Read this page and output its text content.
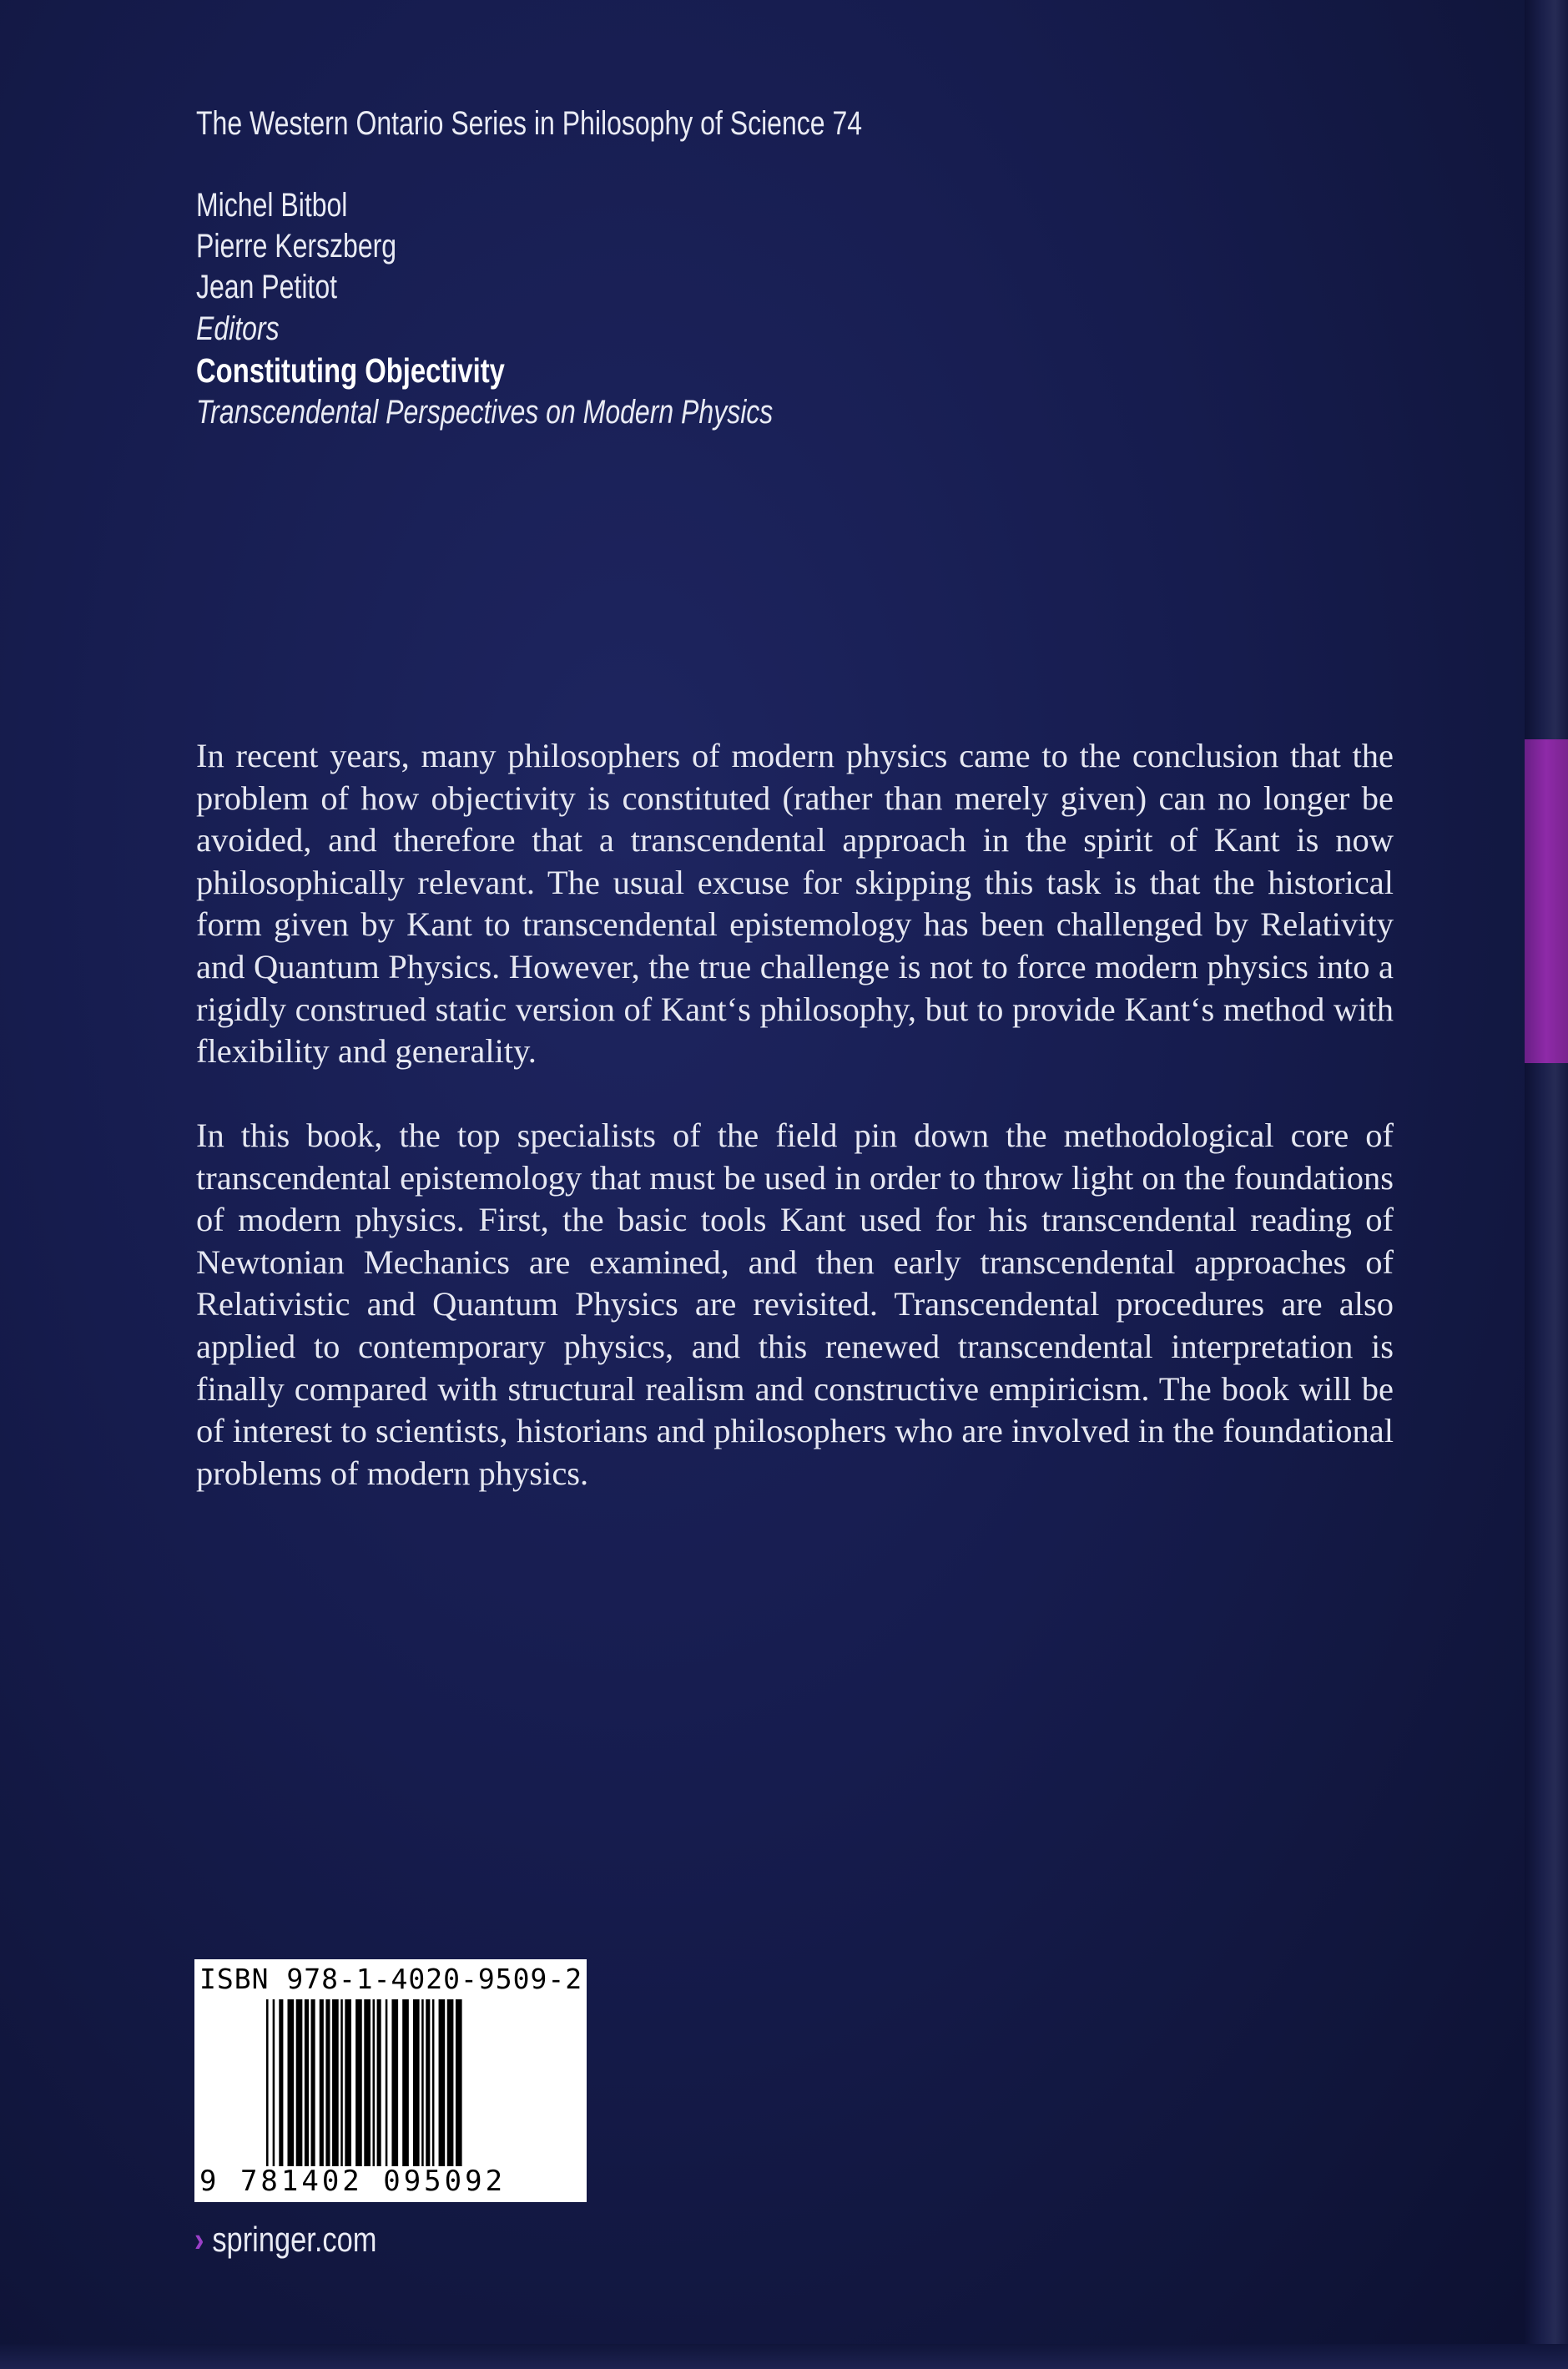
The Western Ontario Series in Philosophy of Science 74
Michel Bitbol
Pierre Kerszberg
Jean Petitot
Editors
Constituting Objectivity
Transcendental Perspectives on Modern Physics

In recent years, many philosophers of modern physics came to the conclusion that the problem of how objectivity is constituted (rather than merely given) can no longer be avoided, and therefore that a transcendental approach in the spirit of Kant is now philosophically relevant. The usual excuse for skipping this task is that the historical form given by Kant to transcendental epistemology has been challenged by Relativity and Quantum Physics. However, the true challenge is not to force modern physics into a rigidly construed static version of Kant‘s philosophy, but to provide Kant‘s method with flexibility and generality.

In this book, the top specialists of the field pin down the methodological core of transcendental epistemology that must be used in order to throw light on the foundations of modern physics. First, the basic tools Kant used for his transcendental reading of Newtonian Mechanics are examined, and then early transcendental approaches of Relativistic and Quantum Physics are revisited. Transcendental procedures are also applied to contemporary physics, and this renewed transcendental interpretation is finally compared with structural realism and constructive empiricism. The book will be of interest to scientists, historians and philosophers who are involved in the foundational problems of modern physics.

ISBN 978-1-4020-9509-2
9 781402 095092
› springer.com
